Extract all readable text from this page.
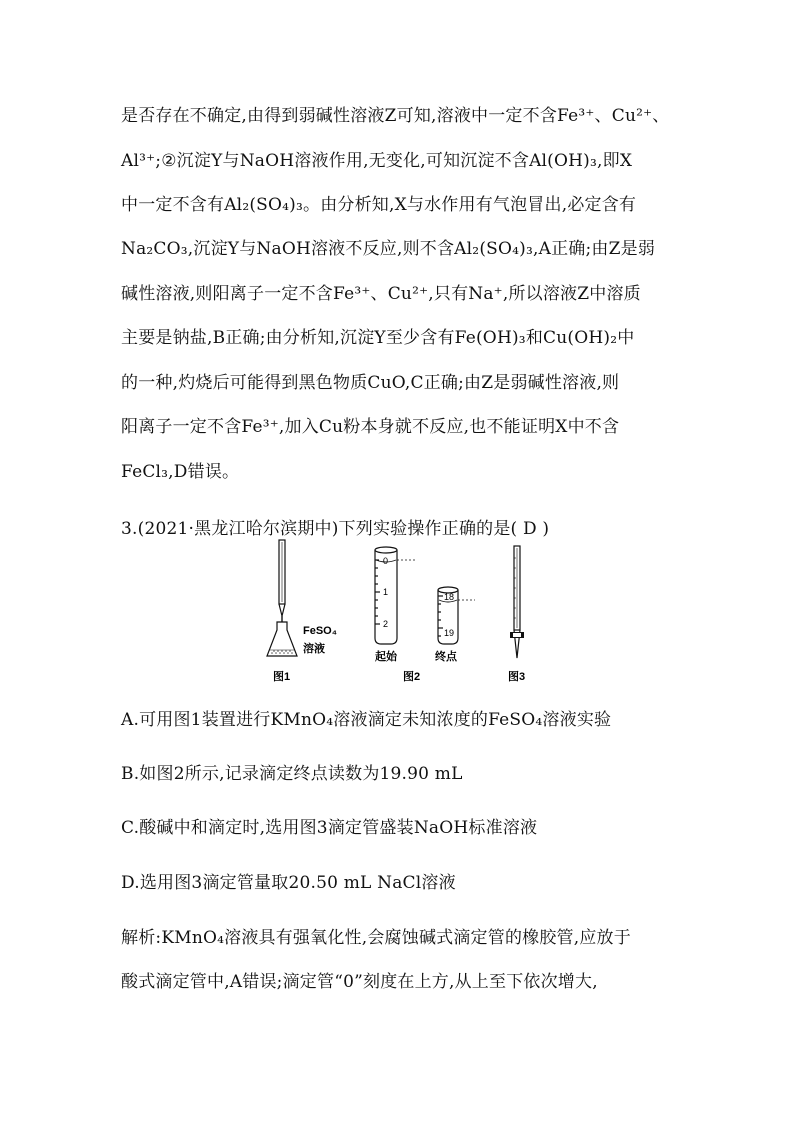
是否存在不确定,由得到弱碱性溶液Z可知,溶液中一定不含Fe³⁺、Cu²⁺、
Al³⁺;②沉淀Y与NaOH溶液作用,无变化,可知沉淀不含Al(OH)₃,即X
中一定不含有Al₂(SO₄)₃。由分析知,X与水作用有气泡冒出,必定含有
Na₂CO₃,沉淀Y与NaOH溶液不反应,则不含Al₂(SO₄)₃,A正确;由Z是弱
碱性溶液,则阳离子一定不含Fe³⁺、Cu²⁺,只有Na⁺,所以溶液Z中溶质
主要是钠盐,B正确;由分析知,沉淀Y至少含有Fe(OH)₃和Cu(OH)₂中
的一种,灼烧后可能得到黑色物质CuO,C正确;由Z是弱碱性溶液,则
阳离子一定不含Fe³⁺,加入Cu粉本身就不反应,也不能证明X中不含
FeCl₃,D错误。
3.(2021·黑龙江哈尔滨期中)下列实验操作正确的是( D )
FeSO₄
溶液
图1
0
1
2
起始
18
19
终点
图2	图3
A.可用图1装置进行KMnO₄溶液滴定未知浓度的FeSO₄溶液实验
B.如图2所示,记录滴定终点读数为19.90 mL
C.酸碱中和滴定时,选用图3滴定管盛装NaOH标准溶液
D.选用图3滴定管量取20.50 mL NaCl溶液
解析:KMnO₄溶液具有强氧化性,会腐蚀碱式滴定管的橡胶管,应放于
酸式滴定管中,A错误;滴定管“0”刻度在上方,从上至下依次增大,
